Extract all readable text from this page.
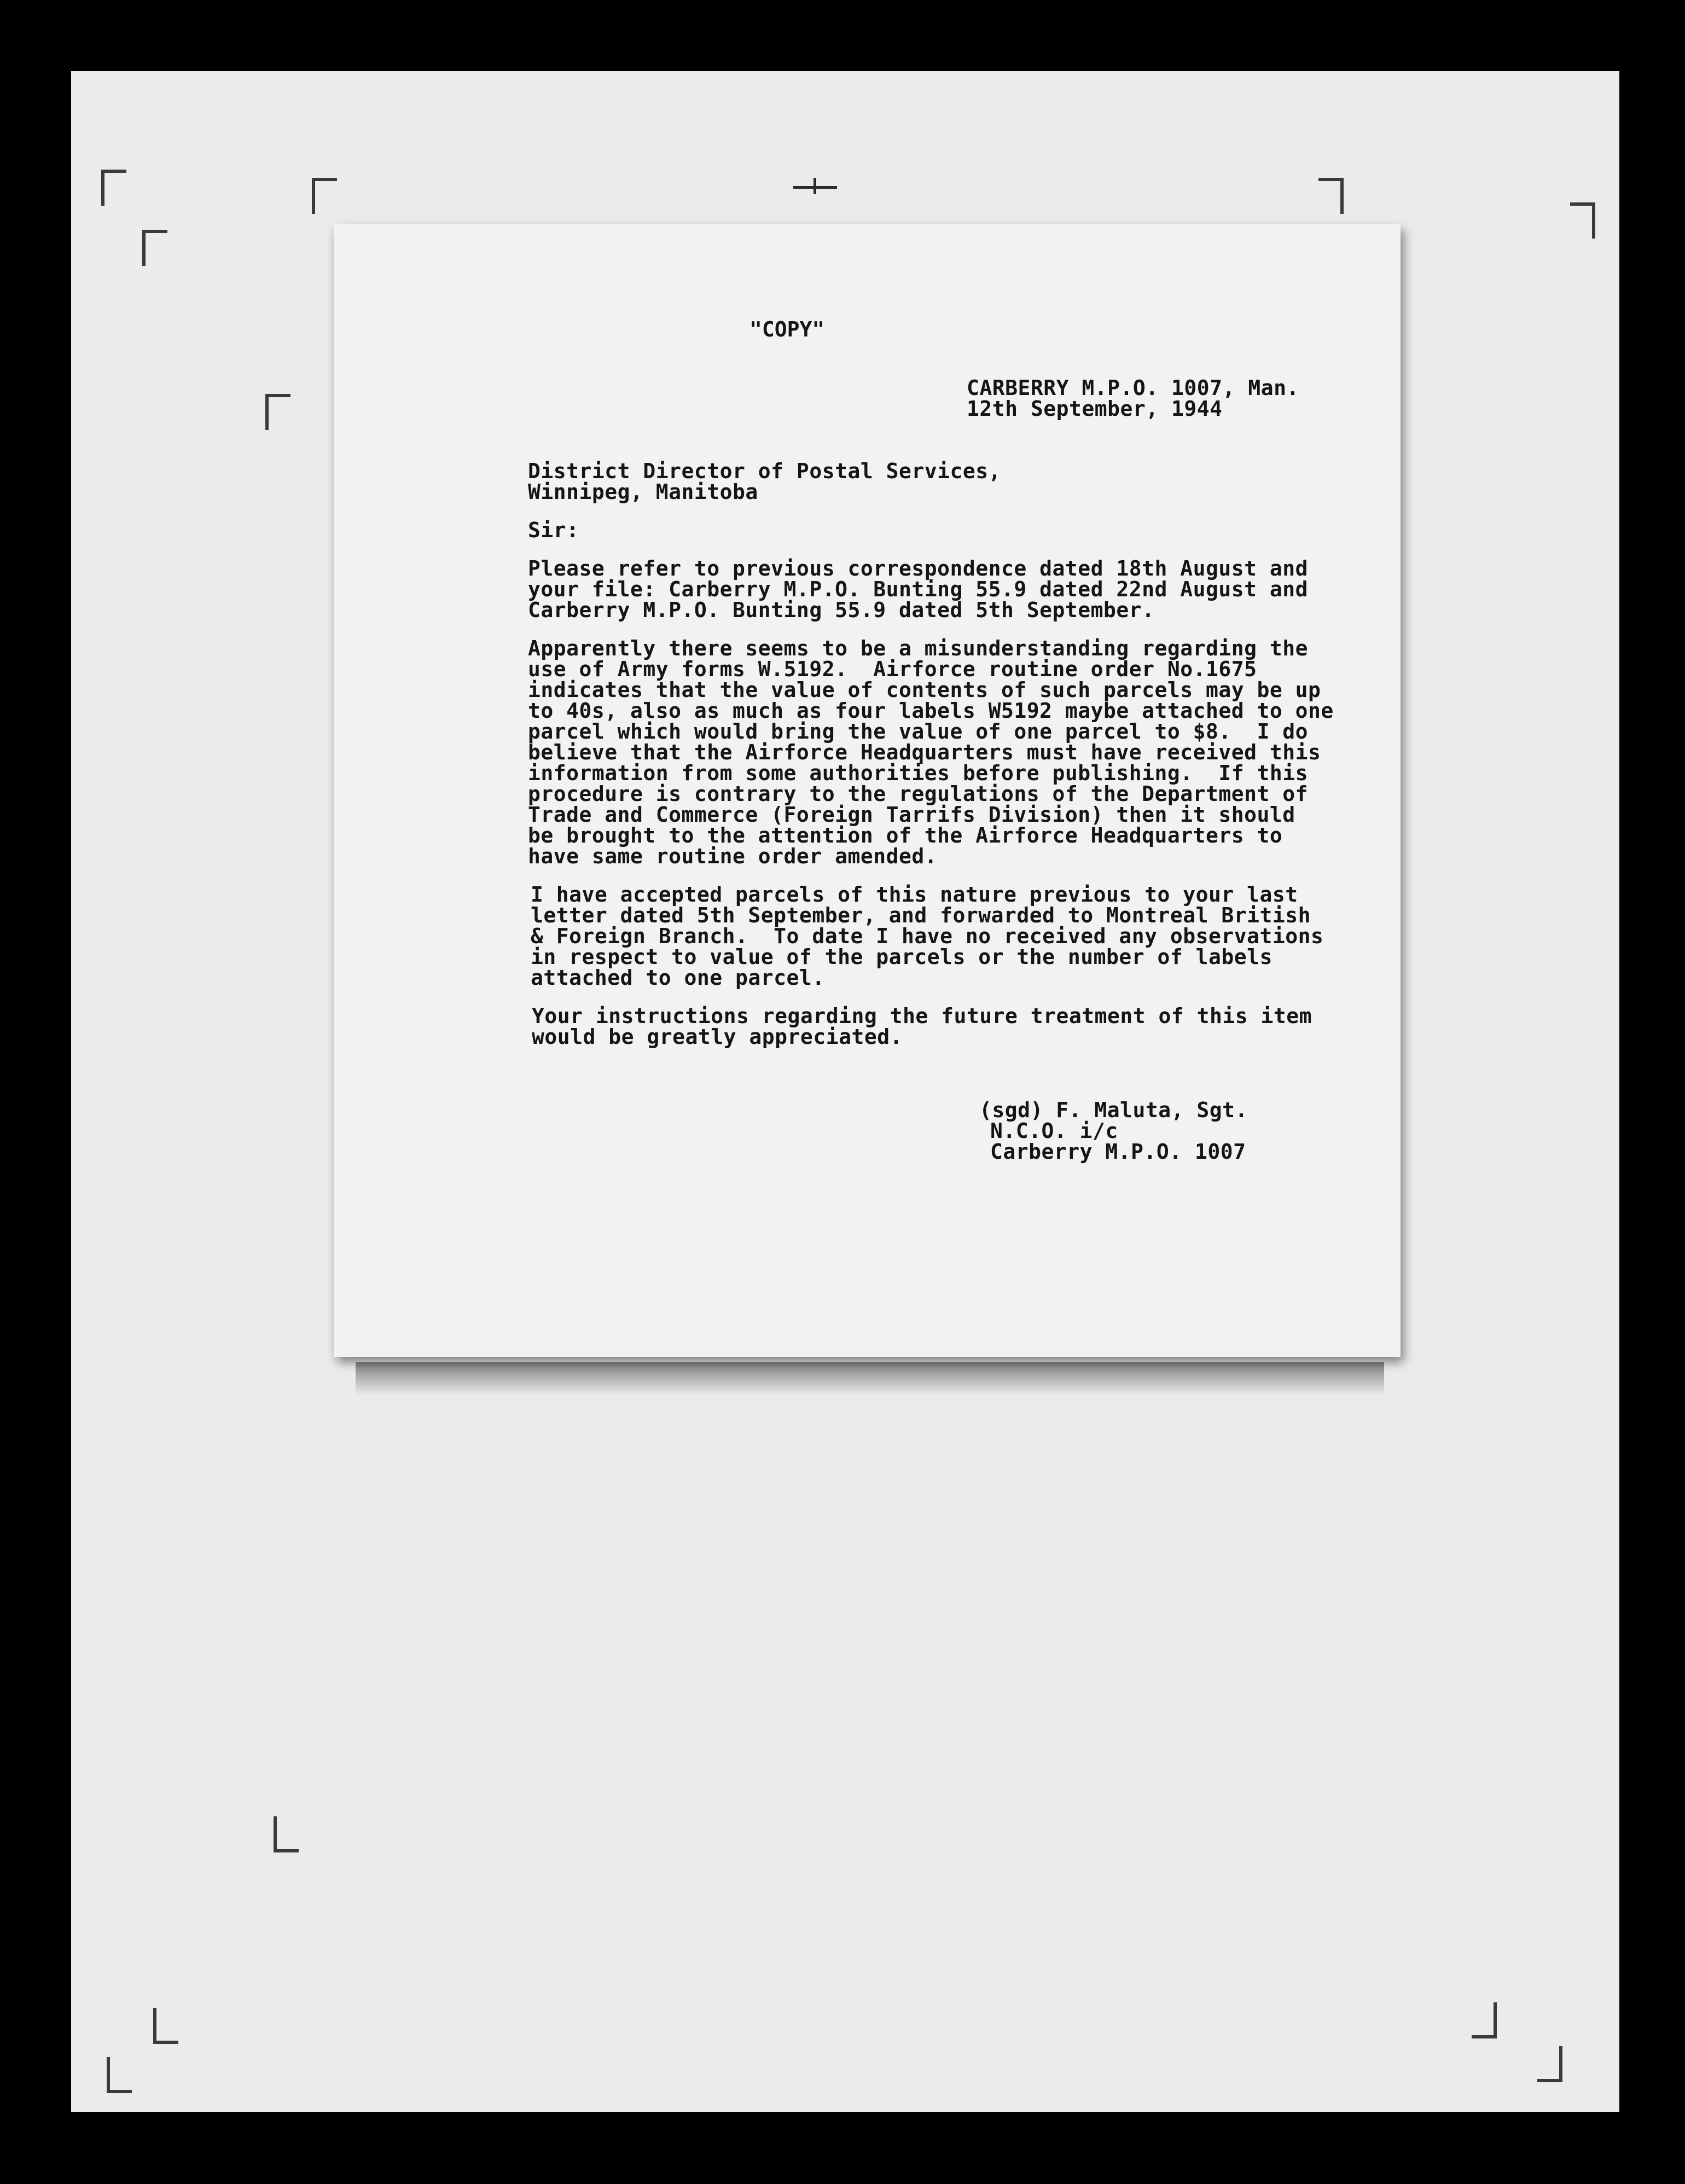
"COPY"
CARBERRY M.P.O. 1007, Man.
12th September, 1944
District Director of Postal Services,
Winnipeg, Manitoba
Sir:
Please refer to previous correspondence dated 18th August and
your file: Carberry M.P.O. Bunting 55.9 dated 22nd August and
Carberry M.P.O. Bunting 55.9 dated 5th September.
Apparently there seems to be a misunderstanding regarding the
use of Army forms W.5192.  Airforce routine order No.1675
indicates that the value of contents of such parcels may be up
to 40s, also as much as four labels W5192 maybe attached to one
parcel which would bring the value of one parcel to $8.  I do
believe that the Airforce Headquarters must have received this
information from some authorities before publishing.  If this
procedure is contrary to the regulations of the Department of
Trade and Commerce (Foreign Tarrifs Division) then it should
be brought to the attention of the Airforce Headquarters to
have same routine order amended.
I have accepted parcels of this nature previous to your last
letter dated 5th September, and forwarded to Montreal British
& Foreign Branch.  To date I have no received any observations
in respect to value of the parcels or the number of labels
attached to one parcel.
Your instructions regarding the future treatment of this item
would be greatly appreciated.
(sgd) F. Maluta, Sgt.
N.C.O. i/c
Carberry M.P.O. 1007
